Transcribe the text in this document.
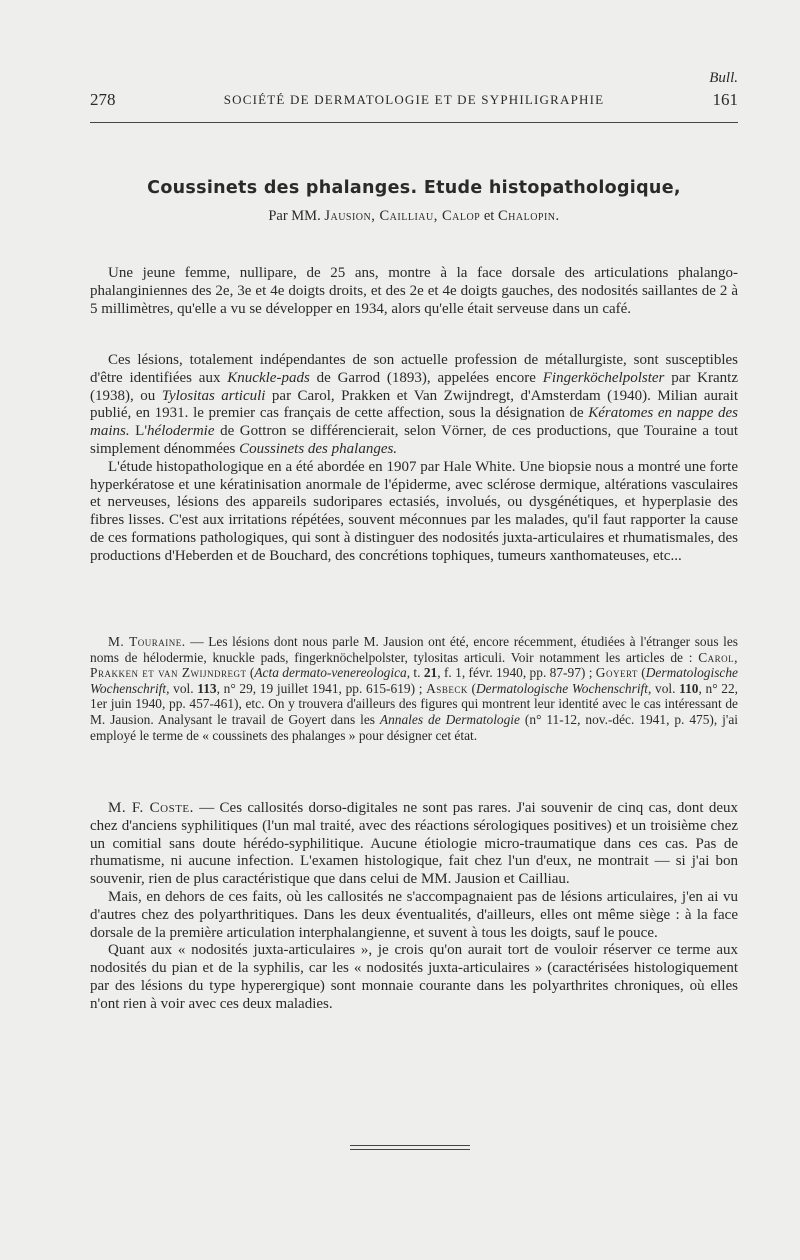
Bull.
278	SOCIÉTÉ DE DERMATOLOGIE ET DE SYPHILIGRAPHIE	161
Coussinets des phalanges. Etude histopathologique,
Par MM. Jausion, Cailliau, Calop et Chalopin.

Une jeune femme, nullipare, de 25 ans, montre à la face dorsale des articulations phalango-phalanginiennes des 2e, 3e et 4e doigts droits, et des 2e et 4e doigts gauches, des nodosités saillantes de 2 à 5 millimètres, qu'elle a vu se développer en 1934, alors qu'elle était serveuse dans un café.

Ces lésions, totalement indépendantes de son actuelle profession de métallurgiste, sont susceptibles d'être identifiées aux Knuckle-pads de Garrod (1893), appelées encore Fingerköchelpolster par Krantz (1938), ou Tylositas articuli par Carol, Prakken et Van Zwijndregt, d'Amsterdam (1940). Milian aurait publié, en 1931. le premier cas français de cette affection, sous la désignation de Kératomes en nappe des mains. L'hélodermie de Gottron se différencierait, selon Vörner, de ces productions, que Touraine a tout simplement dénommées Coussinets des phalanges.

L'étude histopathologique en a été abordée en 1907 par Hale White. Une biopsie nous a montré une forte hyperkératose et une kératinisation anormale de l'épiderme, avec sclérose dermique, altérations vasculaires et nerveuses, lésions des appareils sudoripares ectasiés, involués, ou dysgénétiques, et hyperplasie des fibres lisses. C'est aux irritations répétées, souvent méconnues par les malades, qu'il faut rapporter la cause de ces formations pathologiques, qui sont à distinguer des nodosités juxta-articulaires et rhumatismales, des productions d'Heberden et de Bouchard, des concrétions tophiques, tumeurs xanthomateuses, etc...

M. Touraine. — Les lésions dont nous parle M. Jausion ont été, encore récemment, étudiées à l'étranger sous les noms de hélodermie, knuckle pads, fingerknöchelpolster, tylositas articuli. Voir notamment les articles de : Carol, Prakken et van Zwijndregt (Acta dermato-venereologica, t. 21, f. 1, févr. 1940, pp. 87-97) ; Goyert (Dermatologische Wochenschrift, vol. 113, n° 29, 19 juillet 1941, pp. 615-619) ; Asbeck (Dermatologische Wochenschrift, vol. 110, n° 22, 1er juin 1940, pp. 457-461), etc. On y trouvera d'ailleurs des figures qui montrent leur identité avec le cas intéressant de M. Jausion. Analysant le travail de Goyert dans les Annales de Dermatologie (n° 11-12, nov.-déc. 1941, p. 475), j'ai employé le terme de « coussinets des phalanges » pour désigner cet état.

M. F. Coste. — Ces callosités dorso-digitales ne sont pas rares. J'ai souvenir de cinq cas, dont deux chez d'anciens syphilitiques (l'un mal traité, avec des réactions sérologiques positives) et un troisième chez un comitial sans doute hérédo-syphilitique. Aucune étiologie micro-traumatique dans ces cas. Pas de rhumatisme, ni aucune infection. L'examen histologique, fait chez l'un d'eux, ne montrait — si j'ai bon souvenir, rien de plus caractéristique que dans celui de MM. Jausion et Cailliau.

Mais, en dehors de ces faits, où les callosités ne s'accompagnaient pas de lésions articulaires, j'en ai vu d'autres chez des polyarthritiques. Dans les deux éventualités, d'ailleurs, elles ont même siège : à la face dorsale de la première articulation interphalangienne, et suvent à tous les doigts, sauf le pouce.

Quant aux « nodosités juxta-articulaires », je crois qu'on aurait tort de vouloir réserver ce terme aux nodosités du pian et de la syphilis, car les « nodosités juxta-articulaires » (caractérisées histologiquement par des lésions du type hyperergique) sont monnaie courante dans les polyarthrites chroniques, où elles n'ont rien à voir avec ces deux maladies.
